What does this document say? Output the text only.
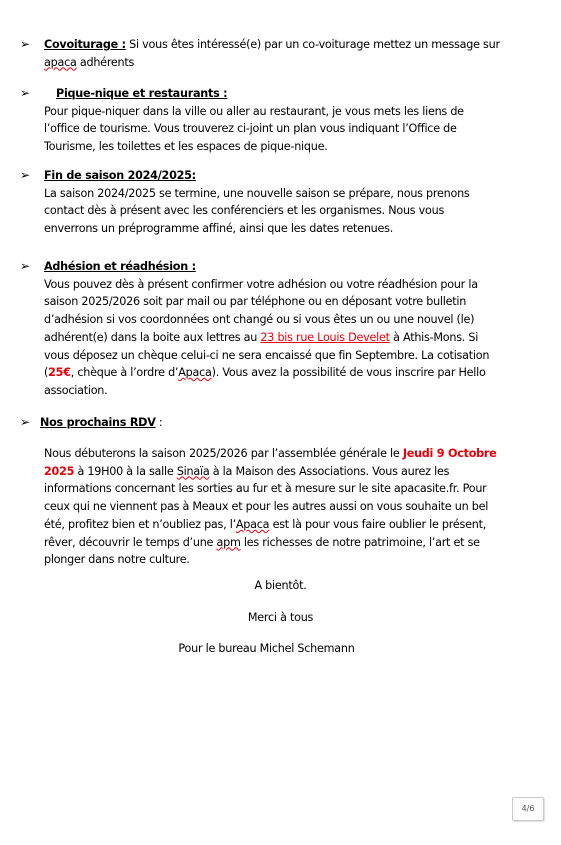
➢	Covoiturage : Si vous êtes intéressé(e) par un co-voiturage mettez un message sur
apaca adhérents
➢	Pique-nique et restaurants :
Pour pique-niquer dans la ville ou aller au restaurant, je vous mets les liens de
l’office de tourisme. Vous trouverez ci-joint un plan vous indiquant l’Office de
Tourisme, les toilettes et les espaces de pique-nique.
➢	Fin de saison 2024/2025:
La saison 2024/2025 se termine, une nouvelle saison se prépare, nous prenons
contact dès à présent avec les conférenciers et les organismes. Nous vous
enverrons un préprogramme affiné, ainsi que les dates retenues.
➢	Adhésion et réadhésion :
Vous pouvez dès à présent confirmer votre adhésion ou votre réadhésion pour la
saison 2025/2026 soit par mail ou par téléphone ou en déposant votre bulletin
d’adhésion si vos coordonnées ont changé ou si vous êtes un ou une nouvel (le)
adhérent(e) dans la boite aux lettres au 23 bis rue Louis Develet à Athis-Mons. Si
vous déposez un chèque celui-ci ne sera encaissé que fin Septembre. La cotisation
(25€, chèque à l’ordre d’Apaca). Vous avez la possibilité de vous inscrire par Hello
association.
➢ Nos prochains RDV :
Nous débuterons la saison 2025/2026 par l’assemblée générale le Jeudi 9 Octobre
2025 à 19H00 à la salle Sinaïa à la Maison des Associations. Vous aurez les
informations concernant les sorties au fur et à mesure sur le site apacasite.fr. Pour
ceux qui ne viennent pas à Meaux et pour les autres aussi on vous souhaite un bel
été, profitez bien et n’oubliez pas, l’Apaca est là pour vous faire oublier le présent,
rêver, découvrir le temps d’une apm les richesses de notre patrimoine, l’art et se
plonger dans notre culture.
A bientôt.
Merci à tous
Pour le bureau Michel Schemann
4/6
